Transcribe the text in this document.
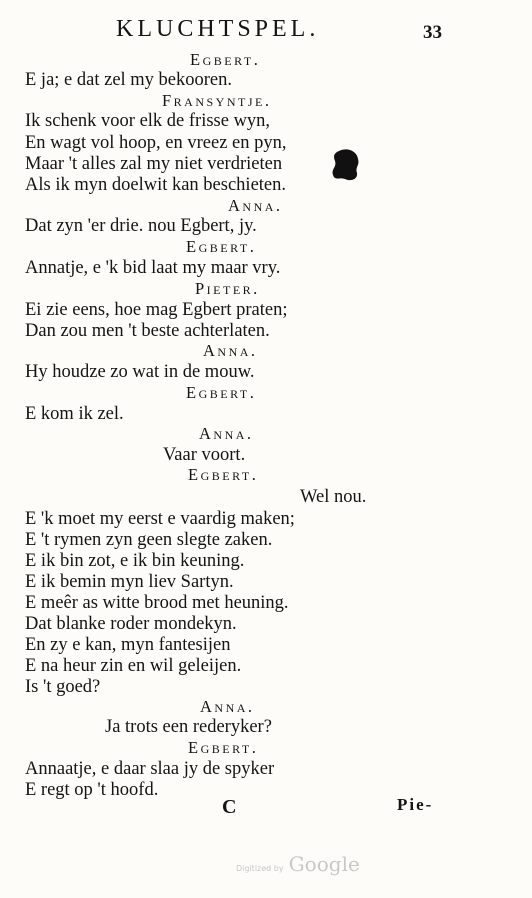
KLUCHTSPEL.	33
Egbert.
E ja; e dat zel my bekooren.
Fransyntje.
Ik schenk voor elk de frisse wyn,
En wagt vol hoop, en vreez en pyn,
Maar 't alles zal my niet verdrieten
Als ik myn doelwit kan beschieten.
Anna.
Dat zyn 'er drie. nou Egbert, jy.
Egbert.
Annatje, e 'k bid laat my maar vry.
Pieter.
Ei zie eens, hoe mag Egbert praten;
Dan zou men 't beste achterlaten.
Anna.
Hy houdze zo wat in de mouw.
Egbert.
E kom ik zel.
Anna.
Vaar voort.
Egbert.
Wel nou.
E 'k moet my eerst e vaardig maken;
E 't rymen zyn geen slegte zaken.
E ik bin zot, e ik bin keuning.
E ik bemin myn liev Sartyn.
E meêr as witte brood met heuning.
Dat blanke roder mondekyn.
En zy e kan, myn fantesijen
E na heur zin en wil geleijen.
Is 't goed?
Anna.
Ja trots een rederyker?
Egbert.
Annaatje, e daar slaa jy de spyker
E regt op 't hoofd.
C	Pie-
Digitized by Google
